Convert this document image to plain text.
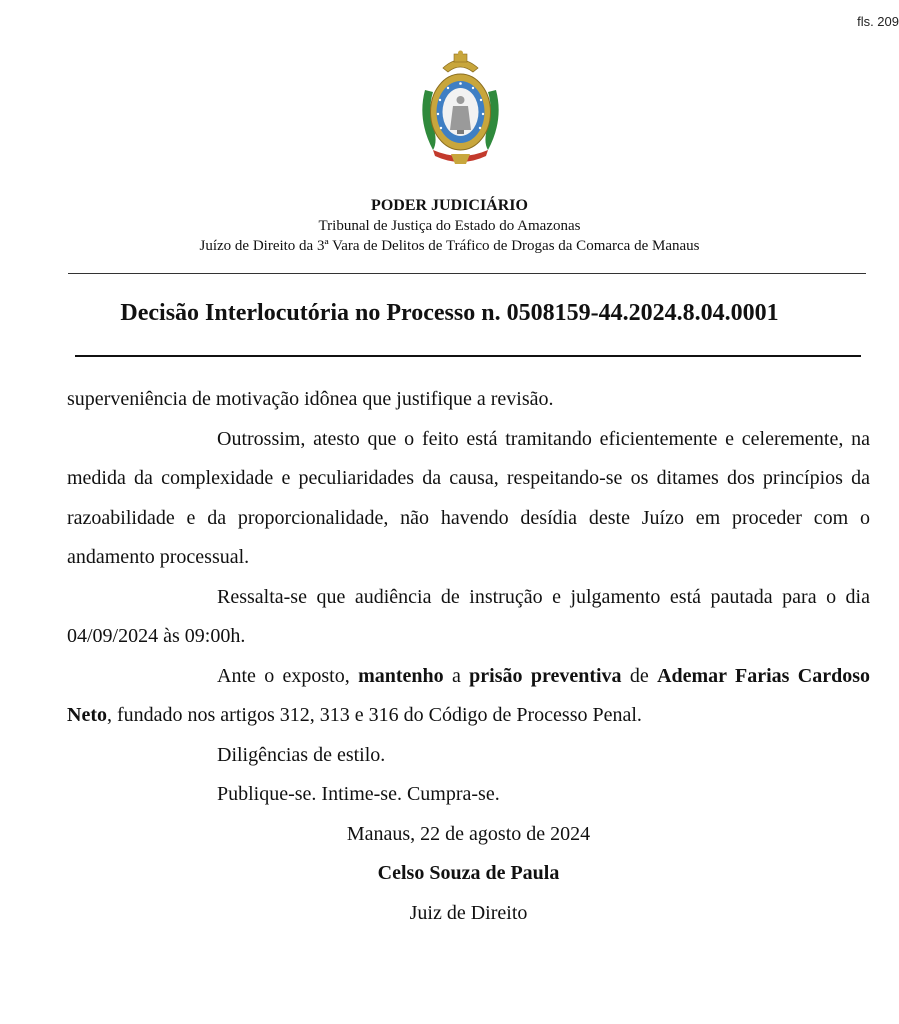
fls. 209
PODER JUDICIÁRIO
Tribunal de Justiça do Estado do Amazonas
Juízo de Direito da 3ª Vara de Delitos de Tráfico de Drogas da Comarca de Manaus
Decisão Interlocutória no Processo n. 0508159-44.2024.8.04.0001

superveniência de motivação idônea que justifique a revisão.

Outrossim, atesto que o feito está tramitando eficientemente e celeremente, na medida da complexidade e peculiaridades da causa, respeitando-se os ditames dos princípios da razoabilidade e da proporcionalidade, não havendo desídia deste Juízo em proceder com o andamento processual.

Ressalta-se que audiência de instrução e julgamento está pautada para o dia 04/09/2024 às 09:00h.

Ante o exposto, mantenho a prisão preventiva de Ademar Farias Cardoso Neto, fundado nos artigos 312, 313 e 316 do Código de Processo Penal.

Diligências de estilo.

Publique-se. Intime-se. Cumpra-se.

Manaus, 22 de agosto de 2024

Celso Souza de Paula

Juiz de Direito
